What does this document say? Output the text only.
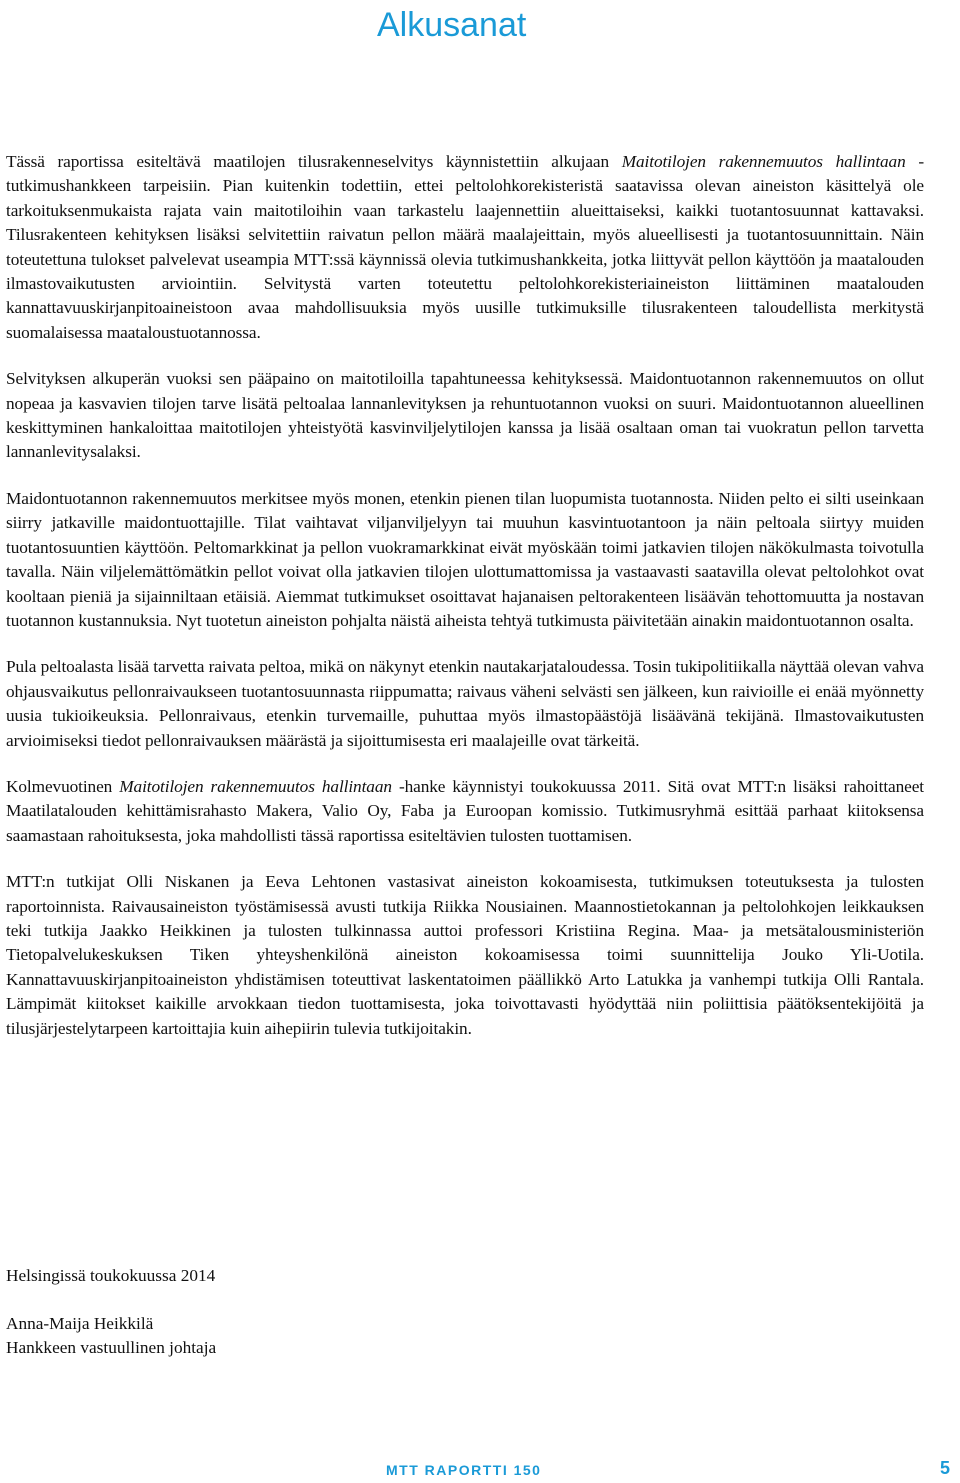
Alkusanat

Tässä raportissa esiteltävä maatilojen tilusrakenneselvitys käynnistettiin alkujaan Maitotilojen rakennemuutos hallintaan -tutkimushankkeen tarpeisiin. Pian kuitenkin todettiin, ettei peltolohkorekisteristä saatavissa olevan aineiston käsittelyä ole tarkoituksenmukaista rajata vain maitotiloihin vaan tarkastelu laajennettiin alueittaiseksi, kaikki tuotantosuunnat kattavaksi. Tilusrakenteen kehityksen lisäksi selvitettiin raivatun pellon määrä maalajeittain, myös alueellisesti ja tuotantosuunnittain. Näin toteutettuna tulokset palvelevat useampia MTT:ssä käynnissä olevia tutkimushankkeita, jotka liittyvät pellon käyttöön ja maatalouden ilmastovaikutusten arviointiin. Selvitystä varten toteutettu peltolohkorekisteriaineiston liittäminen maatalouden kannattavuuskirjanpitoaineistoon avaa mahdollisuuksia myös uusille tutkimuksille tilusrakenteen taloudellista merkitystä suomalaisessa maataloustuotannossa.

Selvityksen alkuperän vuoksi sen pääpaino on maitotiloilla tapahtuneessa kehityksessä. Maidontuotannon rakennemuutos on ollut nopeaa ja kasvavien tilojen tarve lisätä peltoalaa lannanlevityksen ja rehuntuotannon vuoksi on suuri. Maidontuotannon alueellinen keskittyminen hankaloittaa maitotilojen yhteistyötä kasvinviljelytilojen kanssa ja lisää osaltaan oman tai vuokratun pellon tarvetta lannanlevitysalaksi.

Maidontuotannon rakennemuutos merkitsee myös monen, etenkin pienen tilan luopumista tuotannosta. Niiden pelto ei silti useinkaan siirry jatkaville maidontuottajille. Tilat vaihtavat viljanviljelyyn tai muuhun kasvintuotantoon ja näin peltoala siirtyy muiden tuotantosuuntien käyttöön. Peltomarkkinat ja pellon vuokramarkkinat eivät myöskään toimi jatkavien tilojen näkökulmasta toivotulla tavalla. Näin viljelemättömätkin pellot voivat olla jatkavien tilojen ulottumattomissa ja vastaavasti saatavilla olevat peltolohkot ovat kooltaan pieniä ja sijainniltaan etäisiä. Aiemmat tutkimukset osoittavat hajanaisen peltorakenteen lisäävän tehottomuutta ja nostavan tuotannon kustannuksia. Nyt tuotetun aineiston pohjalta näistä aiheista tehtyä tutkimusta päivitetään ainakin maidontuotannon osalta.

Pula peltoalasta lisää tarvetta raivata peltoa, mikä on näkynyt etenkin nautakarjataloudessa. Tosin tukipolitiikalla näyttää olevan vahva ohjausvaikutus pellonraivaukseen tuotantosuunnasta riippumatta; raivaus väheni selvästi sen jälkeen, kun raivioille ei enää myönnetty uusia tukioikeuksia. Pellonraivaus, etenkin turvemaille, puhuttaa myös ilmastopäästöjä lisäävänä tekijänä. Ilmastovaikutusten arvioimiseksi tiedot pellonraivauksen määrästä ja sijoittumisesta eri maalajeille ovat tärkeitä.

Kolmevuotinen Maitotilojen rakennemuutos hallintaan -hanke käynnistyi toukokuussa 2011. Sitä ovat MTT:n lisäksi rahoittaneet Maatilatalouden kehittämisrahasto Makera, Valio Oy, Faba ja Euroopan komissio. Tutkimusryhmä esittää parhaat kiitoksensa saamastaan rahoituksesta, joka mahdollisti tässä raportissa esiteltävien tulosten tuottamisen.

MTT:n tutkijat Olli Niskanen ja Eeva Lehtonen vastasivat aineiston kokoamisesta, tutkimuksen toteutuksesta ja tulosten raportoinnista. Raivausaineiston työstämisessä avusti tutkija Riikka Nousiainen. Maannostietokannan ja peltolohkojen leikkauksen teki tutkija Jaakko Heikkinen ja tulosten tulkinnassa auttoi professori Kristiina Regina. Maa- ja metsätalousministeriön Tietopalvelukeskuksen Tiken yhteyshenkilönä aineiston kokoamisessa toimi suunnittelija Jouko Yli-Uotila. Kannattavuuskirjanpitoaineiston yhdistämisen toteuttivat laskentatoimen päällikkö Arto Latukka ja vanhempi tutkija Olli Rantala. Lämpimät kiitokset kaikille arvokkaan tiedon tuottamisesta, joka toivottavasti hyödyttää niin poliittisia päätöksentekijöitä ja tilusjärjestelytarpeen kartoittajia kuin aihepiirin tulevia tutkijoitakin.

Helsingissä toukokuussa 2014
Anna-Maija Heikkilä
Hankkeen vastuullinen johtaja
MTT RAPORTTI 150	5
